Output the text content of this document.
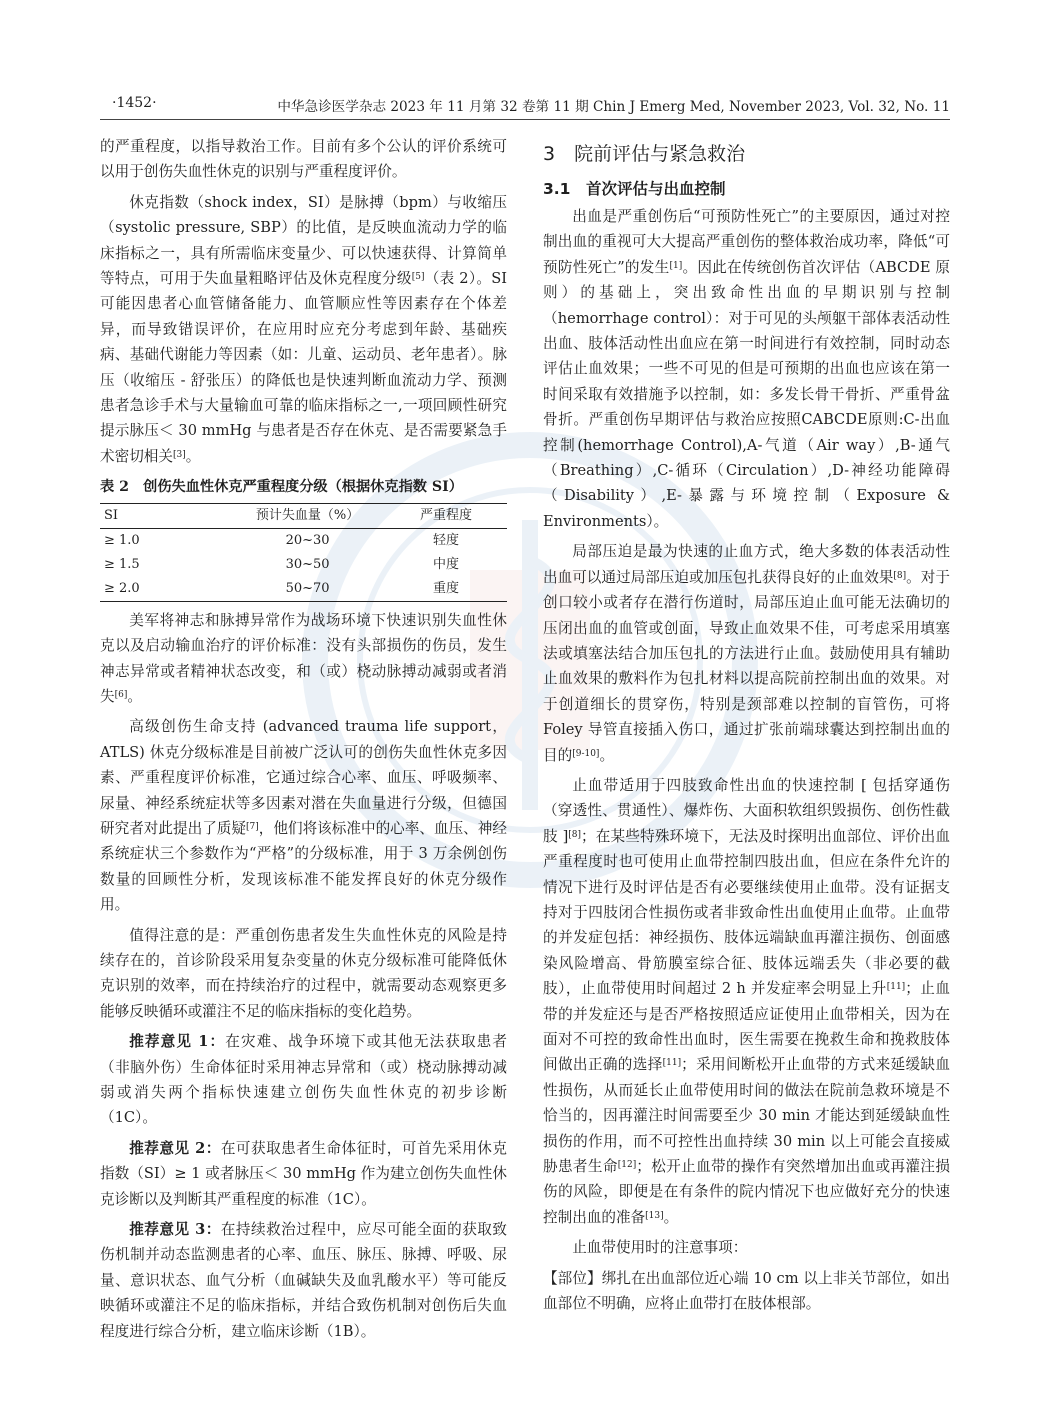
·1452·	中华急诊医学杂志 2023 年 11 月第 32 卷第 11 期 Chin J Emerg Med, November 2023, Vol. 32, No. 11

的严重程度，以指导救治工作。目前有多个公认的评价系统可以用于创伤失血性休克的识别与严重程度评价。

休克指数（shock index，SI）是脉搏（bpm）与收缩压（systolic pressure, SBP）的比值，是反映血流动力学的临床指标之一，具有所需临床变量少、可以快速获得、计算简单等特点，可用于失血量粗略评估及休克程度分级[5]（表 2）。SI 可能因患者心血管储备能力、血管顺应性等因素存在个体差异，而导致错误评价，在应用时应充分考虑到年龄、基础疾病、基础代谢能力等因素（如：儿童、运动员、老年患者）。脉压（收缩压 - 舒张压）的降低也是快速判断血流动力学、预测患者急诊手术与大量输血可靠的临床指标之一,一项回顾性研究提示脉压＜ 30 mmHg 与患者是否存在休克、是否需要紧急手术密切相关[3]。

表 2　创伤失血性休克严重程度分级（根据休克指数 SI）
SI	预计失血量（%）	严重程度
≥ 1.0	20~30	轻度
≥ 1.5	30~50	中度
≥ 2.0	50~70	重度

美军将神志和脉搏异常作为战场环境下快速识别失血性休克以及启动输血治疗的评价标准：没有头部损伤的伤员，发生神志异常或者精神状态改变，和（或）桡动脉搏动减弱或者消失[6]。

高级创伤生命支持 (advanced trauma life support，ATLS) 休克分级标准是目前被广泛认可的创伤失血性休克多因素、严重程度评价标准，它通过综合心率、血压、呼吸频率、尿量、神经系统症状等多因素对潜在失血量进行分级，但德国研究者对此提出了质疑[7]，他们将该标准中的心率、血压、神经系统症状三个参数作为“严格”的分级标准，用于 3 万余例创伤数量的回顾性分析，发现该标准不能发挥良好的休克分级作用。

值得注意的是：严重创伤患者发生失血性休克的风险是持续存在的，首诊阶段采用复杂变量的休克分级标准可能降低休克识别的效率，而在持续治疗的过程中，就需要动态观察更多能够反映循环或灌注不足的临床指标的变化趋势。

推荐意见 1：在灾难、战争环境下或其他无法获取患者（非脑外伤）生命体征时采用神志异常和（或）桡动脉搏动减弱或消失两个指标快速建立创伤失血性休克的初步诊断（1C）。

推荐意见 2：在可获取患者生命体征时，可首先采用休克指数（SI）≥ 1 或者脉压＜ 30 mmHg 作为建立创伤失血性休克诊断以及判断其严重程度的标准（1C）。

推荐意见 3：在持续救治过程中，应尽可能全面的获取致伤机制并动态监测患者的心率、血压、脉压、脉搏、呼吸、尿量、意识状态、血气分析（血碱缺失及血乳酸水平）等可能反映循环或灌注不足的临床指标，并结合致伤机制对创伤后失血程度进行综合分析，建立临床诊断（1B）。

3　院前评估与紧急救治
3.1　首次评估与出血控制

出血是严重创伤后“可预防性死亡”的主要原因，通过对控制出血的重视可大大提高严重创伤的整体救治成功率，降低“可预防性死亡”的发生[1]。因此在传统创伤首次评估（ABCDE 原则）的基础上，突出致命性出血的早期识别与控制（hemorrhage control）：对于可见的头颅躯干部体表活动性出血、肢体活动性出血应在第一时间进行有效控制，同时动态评估止血效果；一些不可见的但是可预期的出血也应该在第一时间采取有效措施予以控制，如：多发长骨干骨折、严重骨盆骨折。严重创伤早期评估与救治应按照CABCDE原则:C-出血控制(hemorrhage Control),A-气道（Air way）,B-通气（Breathing）,C-循环（Circulation）,D-神经功能障碍（Disability）,E-暴露与环境控制（Exposure & Environments）。

局部压迫是最为快速的止血方式，绝大多数的体表活动性出血可以通过局部压迫或加压包扎获得良好的止血效果[8]。对于创口较小或者存在潜行伤道时，局部压迫止血可能无法确切的压闭出血的血管或创面，导致止血效果不佳，可考虑采用填塞法或填塞法结合加压包扎的方法进行止血。鼓励使用具有辅助止血效果的敷料作为包扎材料以提高院前控制出血的效果。对于创道细长的贯穿伤，特别是颈部难以控制的盲管伤，可将 Foley 导管直接插入伤口，通过扩张前端球囊达到控制出血的目的[9-10]。

止血带适用于四肢致命性出血的快速控制 [ 包括穿通伤（穿透性、贯通性）、爆炸伤、大面积软组织毁损伤、创伤性截肢 ][8]；在某些特殊环境下，无法及时探明出血部位、评价出血严重程度时也可使用止血带控制四肢出血，但应在条件允许的情况下进行及时评估是否有必要继续使用止血带。没有证据支持对于四肢闭合性损伤或者非致命性出血使用止血带。止血带的并发症包括：神经损伤、肢体远端缺血再灌注损伤、创面感染风险增高、骨筋膜室综合征、肢体远端丢失（非必要的截肢），止血带使用时间超过 2 h 并发症率会明显上升[11]；止血带的并发症还与是否严格按照适应证使用止血带相关，因为在面对不可控的致命性出血时，医生需要在挽救生命和挽救肢体间做出正确的选择[11]；采用间断松开止血带的方式来延缓缺血性损伤，从而延长止血带使用时间的做法在院前急救环境是不恰当的，因再灌注时间需要至少 30 min 才能达到延缓缺血性损伤的作用，而不可控性出血持续 30 min 以上可能会直接威胁患者生命[12]；松开止血带的操作有突然增加出血或再灌注损伤的风险，即便是在有条件的院内情况下也应做好充分的快速控制出血的准备[13]。

止血带使用时的注意事项：

【部位】绑扎在出血部位近心端 10 cm 以上非关节部位，如出血部位不明确，应将止血带打在肢体根部。
